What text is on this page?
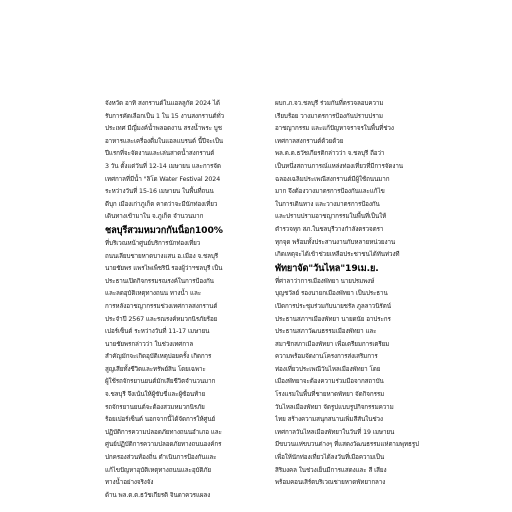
จังหวัด อาทิ สงกรานต์ในแอลลูกัด 2024 ได้
รับการคัดเลือกเป็น 1 ใน 15 งานสงกรานต์ทั่ว
ประเทศ มีญี่มงค์น้ำพลอดงาน สรงน้ำพระ บูช
อาหารและเครื่องดื่มในแอลแบรนด์ นี้ปีจะเป็น
ปีแรกที่จะจัดงานและเล่นสาดน้ำสงกรานต์
3 วัน ตั้งแต่วันที่ 12-14 เมษายน และการจัด
เทศกาลที่มีน้ำ "ลิโด Water Festival 2024
ระหว่างวันที่ 15-16 เมษายน ในพื้นที่ถนน
ดีบุก เมืองเก่าภูเก็ต คาดว่าจะมีนักท่องเที่ยว
เดินทางเข้ามาใน จ.ภูเก็ต จำนวนมาก
ชลบุรีสวมหมวกกันน็อก100%
ที่บริเวณหน้าศูนย์บริการนักท่องเที่ยว
ถนนเลียบชายหาดบางแสน อ.เมือง จ.ชลบุรี
นายชัยพร แพรไพเพ็ชรินี รองผู้ว่าฯชลบุรี เป็น
ประธานเปิดกิจกรรมรณรงค์ในการป้องกัน
และลดอุบัติเหตุทางถนน ทางน้ำ และ
การหลังอาชญากรรมช่วงเทศกาลสงกรานต์
ประจำปี 2567 และรณรงค์หมวกนิรภัยร้อย
เปอร์เซ็นต์ ระหว่างวันที่ 11-17 เมษายน
นายชัยพรกล่าวว่า ในช่วงเทศกาล
สำคัญมักจะเกิดอุบัติเหตุบ่อยครั้ง เกิดการ
สูญเสียทั้งชีวิตและทรัพย์สิน โดยเฉพาะ
ผู้ใช้รถจักรยานยนต์มักเสียชีวิตจำนวนมาก
จ.ชลบุรี จึงเน้นให้ผู้ขับขี่และผู้ซ้อนท้าย
รถจักรยานยนต์จะต้องสวมหมวกนิรภัย
ร้อยเปอร์เซ็นต์ นอกจากนี้ได้จัดการให้ศูนย์
ปฏิบัติการความปลอดภัยทางถนนอำเภอ และ
ศูนย์ปฏิบัติการความปลอดภัยทางถนนองค์กร
ปกครองส่วนท้องถิ่น ดำเนินการป้องกันและ
แก้ไขปัญหาอุบัติเหตุทางถนนและอุบัติภัย
ทางน้ำอย่างจริงจัง
ด้าน พล.ต.ต.ธวัชเกียรติ จินดาควรแผลง
ผบก.ภ.จว.ชลบุรี ร่วมกันที่ตรวจลอบความ
เรียบร้อย วางมาตรการป้องกันปราบปราม
อาชญากรรม และแก้ปัญหาจราจรในพื้นที่ช่วง
เทศกาลสงกรานต์ด้วยด้วย
พล.ต.ต.ธวัชเกียรติกล่าวว่า จ.ชลบุรี ถือว่า
เป็นหนึ่งสถานการณ์แหล่งท่องเที่ยวที่มีการจัดงาน
ฉลองเฉลิมประเพณีสงกรานต์มีผู้ใช้ถนนมาก
มาก จึงต้องวางมาตรการป้องกันและแก้ไข
ในการเดินทาง และวางมาตรการป้องกัน
และปราบปรามอาชญากรรมในพื้นที่เป็นให้
ตำรวจทุก สภ.ในชลบุรีวางกำลังตรวจตรา
ทุกจุด พร้อมทั้งประสานงานกับหลายหน่วยงาน
เกิดเหตุจะได้เข้าช่วยเหลือประชาชนได้ทันท่วงที
พัทยาจัด"วันไหล"19เม.ย.
ที่ศาลาว่าการเมืองพัทยา นายปรมพงษ์
บุญชวัลย์ รองนายกเมืองพัทยา เป็นประธาน
เปิดการประชุมร่วมกับนายชรัล ภูลลาวนิรัตน์
ประธานสภาฯเมืองพัทยา นายดนัย อาประกร
ประธานสภาวัฒนธรรมเมืองพัทยา และ
สมาชิกสภาเมืองพัทยา เพื่อเตรียมการเตรียม
ความพร้อมจัดงานโครงการส่งเสริมการ
ท่องเที่ยวประเพณีวันไหลเมืองพัทยา โดย
เมืองพัทยาจะต้องความร่วมมือจากสถาบัน
โรงแรมในพื้นที่ชายหาดพัทยา จัดกิจกรรม
วันไหลเมืองพัทยา จัดรูปแบบรูปกิจกรรมความ
ไทย สร้างความสนุกสนานเพิ่มสีสันในช่วง
เทศกาลวันไหลเมืองพัทยาในวันที่ 19 เมษายน
มีขบวนแห่ขบวนต่างๆ ที่แสดงวัฒนธรรมแห่ตามพุทธรูป
เพื่อให้นักท่องเที่ยวได้ลงวันที่เมือความเป็น
สิริมงคล ในช่วงเย็นมีการแสดงและ สี เสียง
พร้อมคอนเสิร์ตบริเวณชายหาดพัทยากลาง
